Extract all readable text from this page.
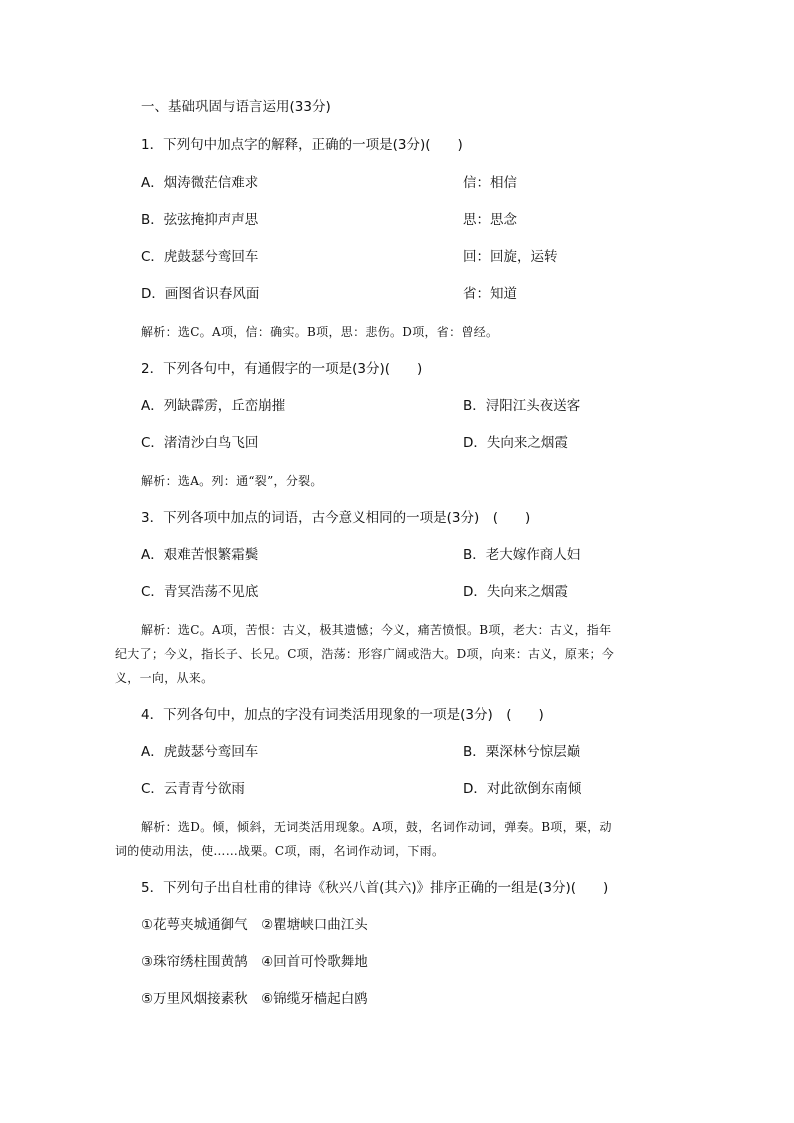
一、基础巩固与语言运用(33分)
1．下列句中加点字的解释，正确的一项是(3分)(　　)
A．烟涛微茫信难求	信：相信
B．弦弦掩抑声声思	思：思念
C．虎鼓瑟兮鸾回车	回：回旋，运转
D．画图省识春风面	省：知道
解析：选C。A项，信：确实。B项，思：悲伤。D项，省：曾经。
2．下列各句中，有通假字的一项是(3分)(　　)
A．列缺霹雳，丘峦崩摧	B．浔阳江头夜送客
C．渚清沙白鸟飞回	D．失向来之烟霞
解析：选A。列：通“裂”，分裂。
3．下列各项中加点的词语，古今意义相同的一项是(3分)　(　　)
A．艰难苦恨繁霜鬓	B．老大嫁作商人妇
C．青冥浩荡不见底	D．失向来之烟霞
解析：选C。A项，苦恨：古义，极其遗憾；今义，痛苦愤恨。B项，老大：古义，指年
纪大了；今义，指长子、长兄。C项，浩荡：形容广阔或浩大。D项，向来：古义，原来；今
义，一向，从来。
4．下列各句中，加点的字没有词类活用现象的一项是(3分)　(　　)
A．虎鼓瑟兮鸾回车	B．栗深林兮惊层巅
C．云青青兮欲雨	D．对此欲倒东南倾
解析：选D。倾，倾斜，无词类活用现象。A项，鼓，名词作动词，弹奏。B项，栗，动
词的使动用法，使……战栗。C项，雨，名词作动词，下雨。
5．下列句子出自杜甫的律诗《秋兴八首(其六)》排序正确的一组是(3分)(　　)
①花萼夹城通御气　②瞿塘峡口曲江头
③珠帘绣柱围黄鹄　④回首可怜歌舞地
⑤万里风烟接素秋　⑥锦缆牙樯起白鸥
